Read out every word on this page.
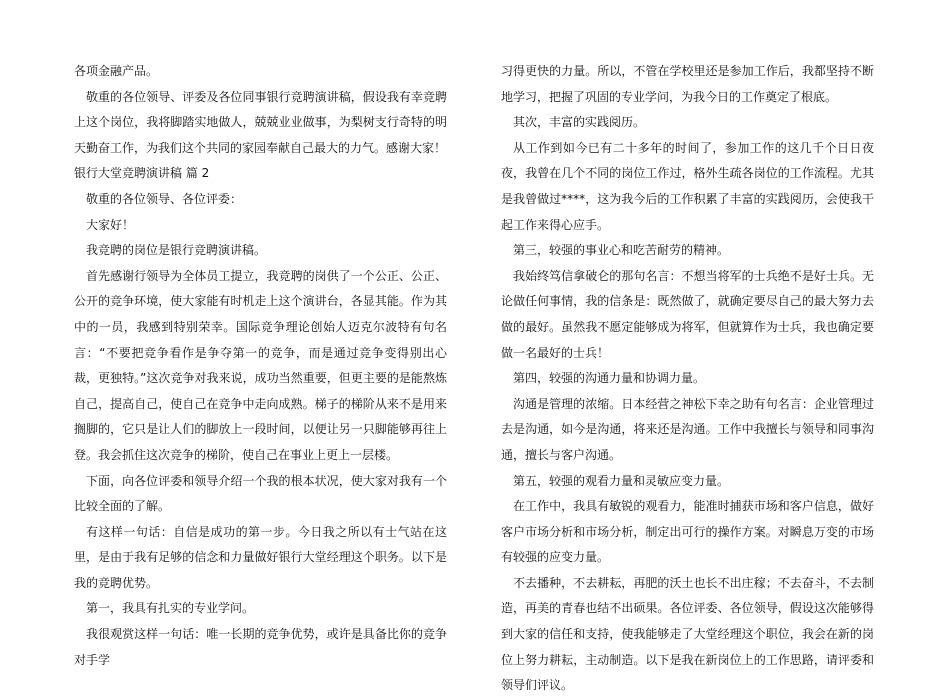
各项金融产品。

敬重的各位领导、评委及各位同事银行竞聘演讲稿，假设我有幸竞聘上这个岗位，我将脚踏实地做人，兢兢业业做事，为梨树支行奇特的明天勤奋工作，为我们这个共同的家园奉献自己最大的力气。感谢大家！

银行大堂竞聘演讲稿 篇 2

敬重的各位领导、各位评委：

大家好！

我竞聘的岗位是银行竞聘演讲稿。

首先感谢行领导为全体员工提立，我竞聘的岗供了一个公正、公正、公开的竞争环境，使大家能有时机走上这个演讲台，各显其能。作为其中的一员，我感到特别荣幸。国际竞争理论创始人迈克尔波特有句名言：“不要把竞争看作是争夺第一的竞争，而是通过竞争变得别出心裁，更独特。”这次竞争对我来说，成功当然重要，但更主要的是能熬炼自己，提高自己，使自己在竞争中走向成熟。梯子的梯阶从来不是用来搁脚的，它只是让人们的脚放上一段时间，以便让另一只脚能够再往上登。我会抓住这次竞争的梯阶，使自己在事业上更上一层楼。

下面，向各位评委和领导介绍一个我的根本状况，使大家对我有一个比较全面的了解。

有这样一句话：自信是成功的第一步。今日我之所以有士气站在这里，是由于我有足够的信念和力量做好银行大堂经理这个职务。以下是我的竞聘优势。

第一，我具有扎实的专业学问。

我很观赏这样一句话：唯一长期的竞争优势，或许是具备比你的竞争对手学

习得更快的力量。所以，不管在学校里还是参加工作后，我都坚持不断地学习，把握了巩固的专业学问，为我今日的工作奠定了根底。

其次，丰富的实践阅历。

从工作到如今已有二十多年的时间了，参加工作的这几千个日日夜夜，我曾在几个不同的岗位工作过，格外生疏各岗位的工作流程。尤其是我曾做过****，这为我今后的工作积累了丰富的实践阅历，会使我干起工作来得心应手。

第三，较强的事业心和吃苦耐劳的精神。

我始终笃信拿破仑的那句名言：不想当将军的士兵绝不是好士兵。无论做任何事情，我的信条是：既然做了，就确定要尽自己的最大努力去做的最好。虽然我不愿定能够成为将军，但就算作为士兵，我也确定要做一名最好的士兵！

第四，较强的沟通力量和协调力量。

沟通是管理的浓缩。日本经营之神松下幸之助有句名言：企业管理过去是沟通，如今是沟通，将来还是沟通。工作中我擅长与领导和同事沟通，擅长与客户沟通。

第五，较强的观看力量和灵敏应变力量。

在工作中，我具有敏锐的观看力，能准时捕获市场和客户信息，做好客户市场分析和市场分析，制定出可行的操作方案。对瞬息万变的市场有较强的应变力量。

不去播种，不去耕耘，再肥的沃土也长不出庄稼；不去奋斗，不去制造，再美的青春也结不出硕果。各位评委、各位领导，假设这次能够得到大家的信任和支持，使我能够走了大堂经理这个职位，我会在新的岗位上努力耕耘，主动制造。以下是我在新岗位上的工作思路，请评委和领导们评议。
